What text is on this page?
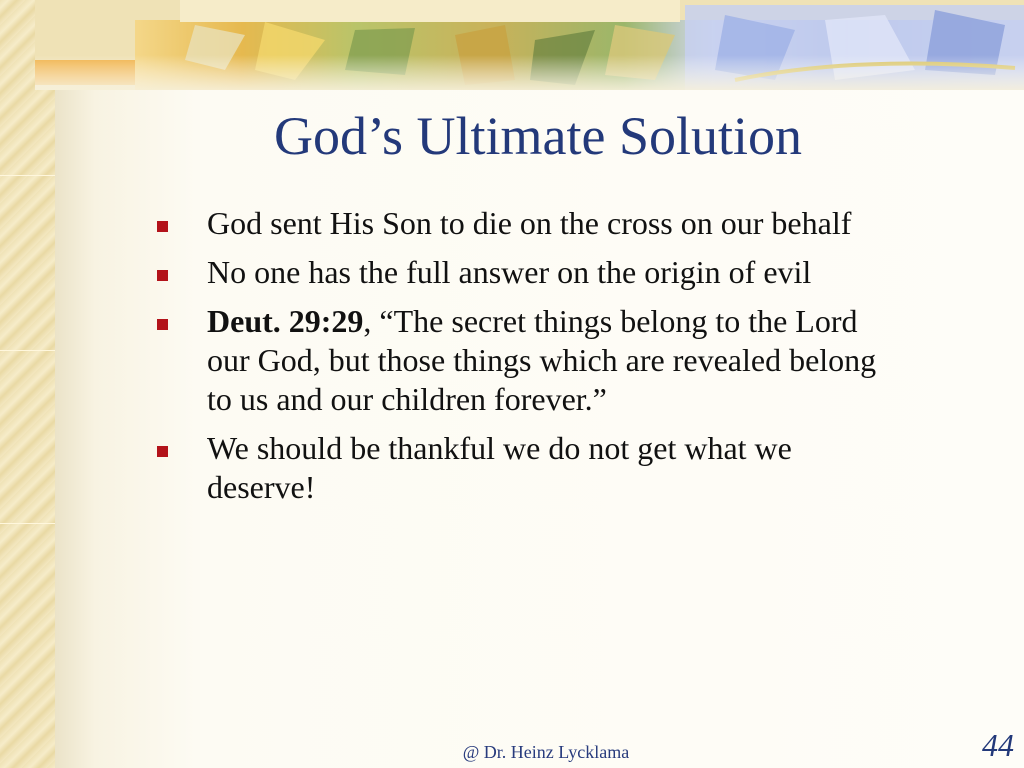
God’s Ultimate Solution
God sent His Son to die on the cross on our behalf
No one has the full answer on the origin of evil
Deut. 29:29, “The secret things belong to the Lord our God, but those things which are revealed belong to us and our children forever.”
We should be thankful we do not get what we deserve!
@ Dr. Heinz Lycklama	44
